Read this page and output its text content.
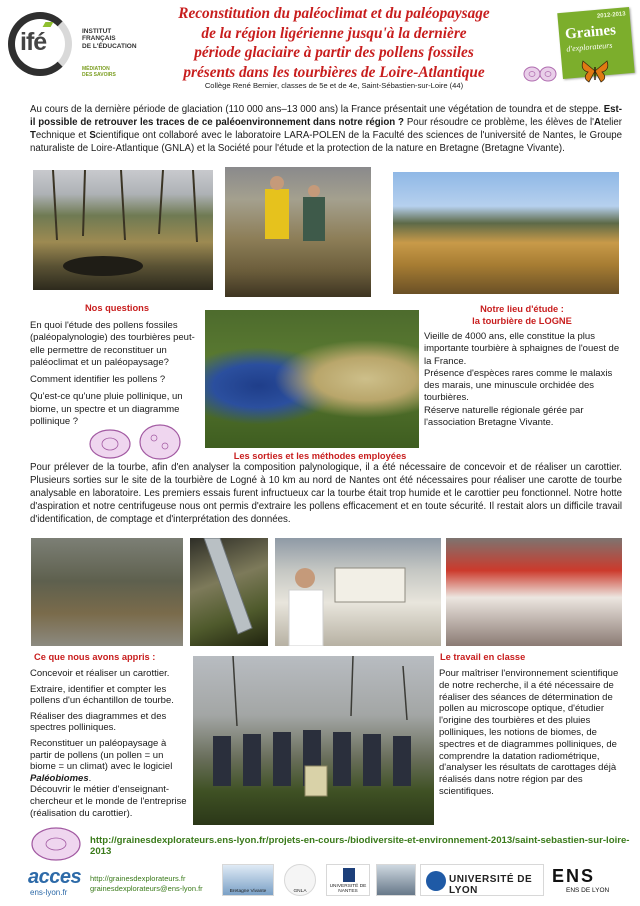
ifé	INSTITUT
FRANÇAIS
DE L'ÉDUCATION
MÉDIATION
DES SAVOIRS
Reconstitution du paléoclimat et du paléopaysage
de la région ligérienne jusqu'à la dernière
période glaciaire à partir des pollens fossiles
présents dans les tourbières de Loire-Atlantique
Collège René Bernier, classes de 5e et de 4e, Saint-Sébastien-sur-Loire (44)
2012-2013
Graines
d'explorateurs
Au cours de la dernière période de glaciation (110 000 ans–13 000 ans) la France présentait une végétation de toundra et de steppe. Est-il possible de retrouver les traces de ce paléoenvironnement dans notre région ? Pour résoudre ce problème, les élèves de l'Atelier Technique et Scientifique ont collaboré avec le laboratoire LARA-POLEN de la Faculté des sciences de l'université de Nantes, le Groupe naturaliste de Loire-Atlantique (GNLA) et la Société pour l'étude et la protection de la nature en Bretagne (Bretagne Vivante).
Nos questions

En quoi l'étude des pollens fossiles (paléopalynologie) des tourbières peut-elle permettre de reconstituer un paléoclimat et un paléopaysage?

Comment identifier les pollens ?

Qu'est-ce qu'une pluie pollinique, un biome, un spectre et un diagramme pollinique ?

Notre lieu d'étude :
la tourbière de LOGNE
Vieille de 4000 ans, elle constitue la plus importante tourbière à sphaignes de l'ouest de la France.
Présence d'espèces rares comme le malaxis des marais, une minuscule orchidée des tourbières.
Réserve naturelle régionale gérée par l'association Bretagne Vivante.
Les sorties et les méthodes employées
Pour prélever de la tourbe, afin d'en analyser la composition palynologique, il a été nécessaire de concevoir et de réaliser un carottier. Plusieurs sorties sur le site de la tourbière de Logné à 10 km au nord de Nantes ont été nécessaires pour réaliser une carotte de tourbe analysable en laboratoire. Les premiers essais furent infructueux car la tourbe était trop humide et le carottier peu fonctionnel. Notre hotte d'aspiration et notre centrifugeuse nous ont permis d'extraire les pollens efficacement et en toute sécurité. Il restait alors un difficile travail d'identification, de comptage et d'interprétation des données.
Ce que nous avons appris :

Concevoir et réaliser un carottier.

Extraire, identifier et compter les pollens d'un échantillon de tourbe.

Réaliser des diagrammes et des spectres polliniques.

Reconstituer un paléopaysage à partir de pollens (un pollen = un biome = un climat) avec le logiciel Paléobiomes.
Découvrir le métier d'enseignant-chercheur et le monde de l'entreprise (réalisation du carottier).
Le travail en classe
Pour maîtriser l'environnement scientifique de notre recherche, il a été nécessaire de réaliser des séances de détermination de pollen au microscope optique, d'étudier l'origine des tourbières et des pluies polliniques, les notions de biomes, de spectres et de diagrammes polliniques, de comprendre la datation radiométrique, d'analyser les résultats de carottages déjà réalisés dans notre région par des scientifiques.
http://grainesdexplorateurs.ens-lyon.fr/projets-en-cours-/biodiversite-et-environnement-2013/saint-sebastien-sur-loire-2013
acces
ens-lyon.fr
http://grainesdexplorateurs.fr
grainesdexplorateurs@ens-lyon.fr	Bretagne Vivante	GNLA
UNIVERSITÉ DE NANTES
UNIVERSITÉ DE LYON
ENS
ENS DE LYON
